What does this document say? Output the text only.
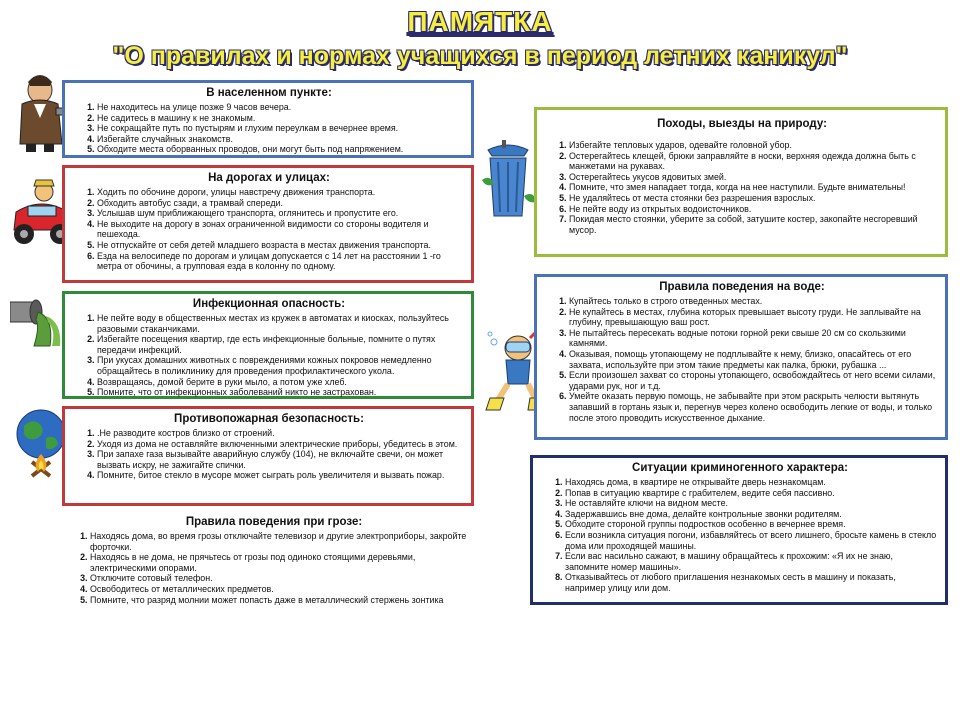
ПАМЯТКА
"О правилах и нормах учащихся в период летних каникул"
В населенном пункте:
1. Не находитесь на улице позже 9 часов вечера.
2. Не садитесь в машину к не знакомым.
3. Не сокращайте путь по пустырям и глухим переулкам в вечернее время.
4. Избегайте случайных знакомств.
5. Обходите места оборванных проводов, они могут быть под напряжением.
На дорогах и улицах:
1. Ходить по обочине дороги, улицы навстречу движения транспорта.
2. Обходить автобус сзади, а трамвай спереди.
3. Услышав шум приближающего транспорта, оглянитесь и пропустите его.
4. Не выходите на дорогу в зонах ограниченной видимости со стороны водителя и пешехода.
5. Не отпускайте от себя детей младшего возраста в местах движения транспорта.
6. Езда на велосипеде по дорогам и улицам допускается с 14 лет на расстоянии 1 -го метра от обочины, а групповая езда в колонну по одному.
Инфекционная опасность:
1. Не пейте воду в общественных местах из кружек в автоматах и киосках, пользуйтесь разовыми стаканчиками.
2. Избегайте посещения квартир, где есть инфекционные больные, помните о путях передачи инфекций.
3. При укусах домашних животных с повреждениями кожных покровов немедленно обращайтесь в поликлинику для проведения профилактического укола.
4. Возвращаясь, домой берите в руки мыло, а потом уже хлеб.
5. Помните, что от инфекционных заболеваний никто не застрахован.
Противопожарная безопасность:
1. .Не разводите костров близко от строений.
2. Уходя из дома не оставляйте включенными электрические приборы, убедитесь в этом.
3. При запахе газа вызывайте аварийную службу (104), не включайте свечи, он может вызвать искру, не зажигайте спички.
4. Помните, битое стекло в мусоре может сыграть роль увеличителя и вызвать пожар.
Правила поведения при грозе:
1. Находясь дома, во время грозы отключайте телевизор и другие электроприборы, закройте форточки.
2. Находясь в не дома, не прячьтесь от грозы под одиноко стоящими деревьями, электрическими опорами.
3. Отключите сотовый телефон.
4. Освободитесь от металлических предметов.
5. Помните, что разряд молнии может попасть даже в металлический стержень зонтика
Походы, выезды на природу:
1. Избегайте тепловых ударов, одевайте головной убор.
2. Остерегайтесь клещей, брюки заправляйте в носки, верхняя одежда должна быть с манжетами на рукавах.
3. Остерегайтесь укусов ядовитых змей.
4. Помните, что змея нападает тогда, когда на нее наступили. Будьте внимательны!
5. Не удаляйтесь от места стоянки без разрешения взрослых.
6. Не пейте воду из открытых водоисточников.
7. Покидая место стоянки, уберите за собой, затушите костер, закопайте несгоревший мусор.
Правила поведения на воде:
1. Купайтесь только в строго отведенных местах.
2. Не купайтесь в местах, глубина которых превышает высоту груди. Не заплывайте на глубину, превышающую ваш рост.
3. Не пытайтесь пересекать водные потоки горной реки свыше 20 см со скользкими камнями.
4. Оказывая, помощь утопающему не подплывайте к нему, близко, опасайтесь от его захвата, используйте при этом такие предметы как палка, брюки, рубашка ...
5. Если произошел захват со стороны утопающего, освобождайтесь от него всеми силами, ударами рук, ног и т.д.
6. Умейте оказать первую помощь, не забывайте при этом раскрыть челюсти вытянуть запавший в гортань язык и, перегнув через колено освободить легкие от воды, и только после этого проводить искусственное дыхание.
Ситуации криминогенного характера:
1. Находясь дома, в квартире не открывайте дверь незнакомцам.
2. Попав в ситуацию квартире с грабителем, ведите себя пассивно.
3. Не оставляйте ключи на видном месте.
4. Задержавшись вне дома, делайте контрольные звонки родителям.
5. Обходите стороной группы подростков особенно в вечернее время.
6. Если возникла ситуация погони, избавляйтесь от всего лишнего, бросьте камень в стекло дома или проходящей машины.
7. Если вас насильно сажают, в машину обращайтесь к прохожим: «Я их не знаю, запомните номер машины».
8. Отказывайтесь от любого приглашения незнакомых сесть в машину и показать, например улицу или дом.
